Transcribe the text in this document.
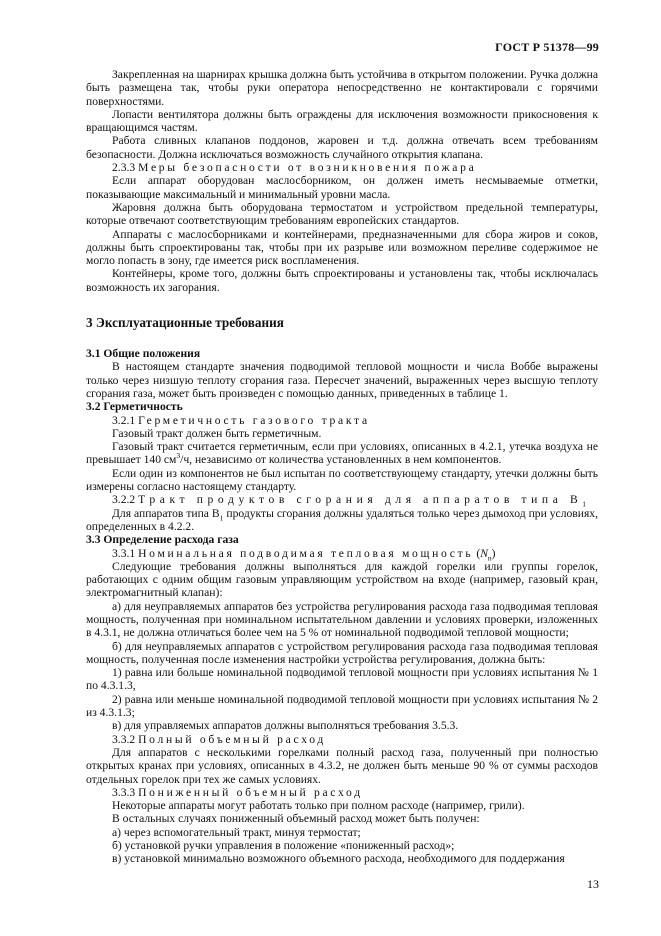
ГОСТ Р 51378—99

Закрепленная на шарнирах крышка должна быть устойчива в открытом положении. Ручка должна быть размещена так, чтобы руки оператора непосредственно не контактировали с горячими поверхностями.

Лопасти вентилятора должны быть ограждены для исключения возможности прикосновения к вращающимся частям.

Работа сливных клапанов поддонов, жаровен и т.д. должна отвечать всем требованиям безопасности. Должна исключаться возможность случайного открытия клапана.

2.3.3 Меры безопасности от возникновения пожара

Если аппарат оборудован маслосборником, он должен иметь несмываемые отметки, показывающие максимальный и минимальный уровни масла.

Жаровня должна быть оборудована термостатом и устройством предельной температуры, которые отвечают соответствующим требованиям европейских стандартов.

Аппараты с маслосборниками и контейнерами, предназначенными для сбора жиров и соков, должны быть спроектированы так, чтобы при их разрыве или возможном переливе содержимое не могло попасть в зону, где имеется риск воспламенения.

Контейнеры, кроме того, должны быть спроектированы и установлены так, чтобы исключалась возможность их загорания.

3 Эксплуатационные требования

3.1 Общие положения

В настоящем стандарте значения подводимой тепловой мощности и числа Воббе выражены только через низшую теплоту сгорания газа. Пересчет значений, выраженных через высшую теплоту сгорания газа, может быть произведен с помощью данных, приведенных в таблице 1.

3.2 Герметичность

3.2.1 Герметичность газового тракта

Газовый тракт должен быть герметичным.

Газовый тракт считается герметичным, если при условиях, описанных в 4.2.1, утечка воздуха не превышает 140 $см^3/ч$, независимо от количества установленных в нем компонентов.

Если один из компонентов не был испытан по соответствующему стандарту, утечки должны быть измерены согласно настоящему стандарту.

3.2.2 Тракт продуктов сгорания для аппаратов типа $B_1$

Для аппаратов типа $В_1$ продукты сгорания должны удаляться только через дымоход при условиях, определенных в 4.2.2.

3.3 Определение расхода газа

3.3.1 Номинальная подводимая тепловая мощность $(N_n)$

Следующие требования должны выполняться для каждой горелки или группы горелок, работающих с одним общим газовым управляющим устройством на входе (например, газовый кран, электромагнитный клапан):

а) для неуправляемых аппаратов без устройства регулирования расхода газа подводимая тепловая мощность, полученная при номинальном испытательном давлении и условиях проверки, изложенных в 4.3.1, не должна отличаться более чем на 5 % от номинальной подводимой тепловой мощности;

б) для неуправляемых аппаратов с устройством регулирования расхода газа подводимая тепловая мощность, полученная после изменения настройки устройства регулирования, должна быть:

1) равна или больше номинальной подводимой тепловой мощности при условиях испытания № 1 по 4.3.1.3,

2) равна или меньше номинальной подводимой тепловой мощности при условиях испытания № 2 из 4.3.1.3;

в) для управляемых аппаратов должны выполняться требования 3.5.3.

3.3.2 Полный объемный расход

Для аппаратов с несколькими горелками полный расход газа, полученный при полностью открытых кранах при условиях, описанных в 4.3.2, не должен быть меньше 90 % от суммы расходов отдельных горелок при тех же самых условиях.

3.3.3 Пониженный объемный расход

Некоторые аппараты могут работать только при полном расходе (например, грили).

В остальных случаях пониженный объемный расход может быть получен:

а) через вспомогательный тракт, минуя термостат;

б) установкой ручки управления в положение «пониженный расход»;

в) установкой минимально возможного объемного расхода, необходимого для поддержания

13
